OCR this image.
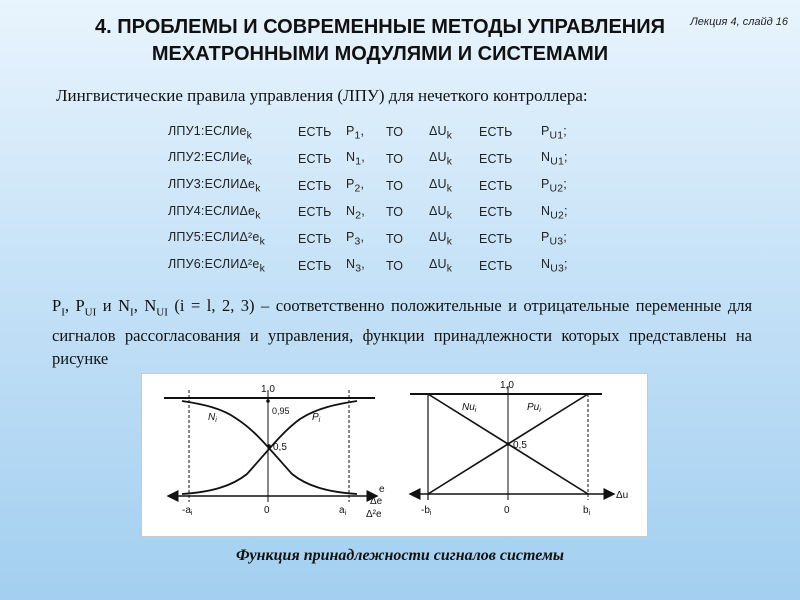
4. ПРОБЛЕМЫ И СОВРЕМЕННЫЕ МЕТОДЫ УПРАВЛЕНИЯ
МЕХАТРОННЫМИ МОДУЛЯМИ И СИСТЕМАМИ
Лекция 4, слайд 16
Лингвистические правила управления (ЛПУ) для нечеткого контроллера:
ЛПУ1:ЕСЛИe$_k$	ЕСТЬ	$P_1$,	ТО	$\Delta U_k$	ЕСТЬ	$P_{U1}$;
ЛПУ2:ЕСЛИe$_k$	ЕСТЬ	$N_1$,	ТО	$\Delta U_k$	ЕСТЬ	$N_{U1}$;
ЛПУ3:ЕСЛИΔe$_k$	ЕСТЬ	$P_2$,	ТО	$\Delta U_k$	ЕСТЬ	$P_{U2}$;
ЛПУ4:ЕСЛИΔe$_k$	ЕСТЬ	$N_2$,	ТО	$\Delta U_k$	ЕСТЬ	$N_{U2}$;
$ЛПУ5:ЕСЛИ\Delta^2e_k$	ЕСТЬ	$P_3$,	ТО	$\Delta U_k$	ЕСТЬ	$P_{U3}$;
$ЛПУ6:ЕСЛИ\Delta^2e_k$	ЕСТЬ	$N_3$,	ТО	$\Delta U_k$	ЕСТЬ	$N_{U3}$;
$P_I$, $P_{UI}$ и $N_I$, $N_{UI}$ (i = l, 2, 3) – соответственно положительные и отрицательные переменные для сигналов рассогласования и управления, функции принадлежности которых представлены на рисунке
1,0
0,95
0,5
$N_i$	$P_i$
e
Δe
Δ²e
$-a_i$	0	$a_i$
1,0
0,5
$Nu_i$	$Pu_i$
Δu
$-b_i$	0	$b_i$
Функция принадлежности сигналов системы
